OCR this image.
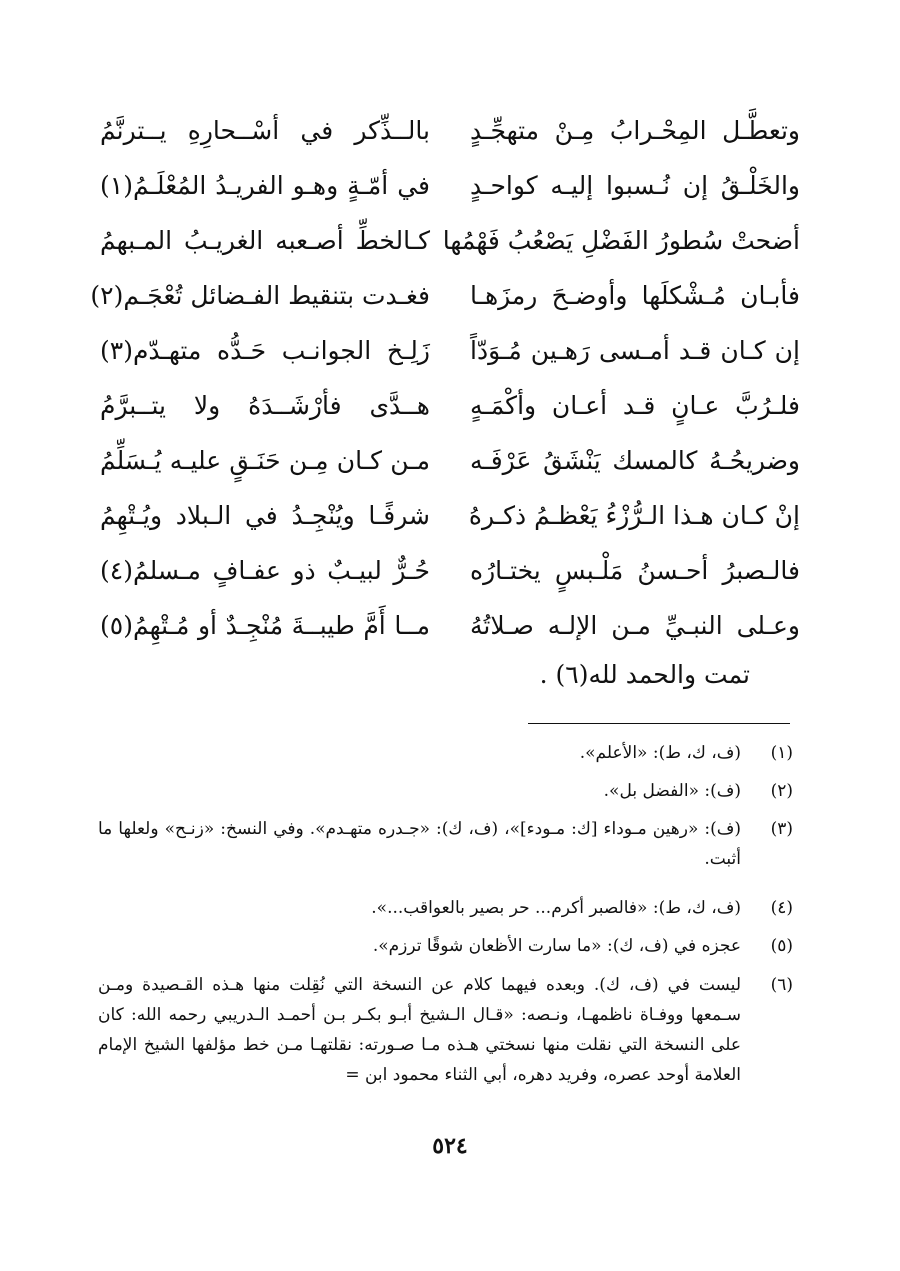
وتعطَّـل المِحْـرابُ مِـنْ متهجِّـدٍ
بالــذِّكر في أسْــحارِهِ يــترنَّمُ
والخَلْـقُ إن نُـسبوا إليـه كواحـدٍ
في أمّـةٍ وهـو الفريـدُ المُعْلَـمُ(١)
أضحتْ سُطورُ الفَضْلِ يَصْعُبُ فَهْمُها
كـالخطِّ أصـعبه الغريـبُ المـبهمُ
فأبـان مُـشْكلَها وأوضـحَ رمزَهـا
فغـدت بتنقيط الفـضائل تُعْجَـم(٢)
إن كـان قـد أمـسى رَهـين مُـوَدّاً
زَلِـخ الجوانـب حَـدُّه متهـدّم(٣)
فلـرُبَّ عـانٍ قـد أعـان وأكْمَـهٍ
هــدَّى فأرْشَــدَهُ ولا يتــبرَّمُ
وضريحُـهُ كالمسك يَنْشَقُ عَرْفَـه
مـن كـان مِـن حَنَـقٍ عليـه يُـسَلِّمُ
إنْ كـان هـذا الـرُّزْءُ يَعْظـمُ ذكـرهُ
شرفًـا ويُنْجِـدُ في الـبلاد ويُـتْهِمُ
فالـصبرُ أحـسنُ مَلْـبسٍ يختـارُه
حُـرٌّ لبيـبٌ ذو عفـافٍ مـسلمُ(٤)
وعـلى النبـيِّ مـن الإلـه صـلاتُهُ
مــا أَمَّ طيبــةَ مُنْجِـدٌ أو مُـتْهِمُ(٥)
تمت والحمد لله(٦) .
(١)
(ف، ك، ط): «الأعلم».
(٢)
(ف): «الفضل بل».
(٣)
(ف): «رهين مـوداء [ك: مـودء]»، (ف، ك): «جـدره متهـدم». وفي النسخ: «زنـح» ولعلها ما أثبت.
(٤)
(ف، ك، ط): «فالصبر أكرم... حر بصير بالعواقب...».
(٥)
عجزه في (ف، ك): «ما سارت الأظعان شوقًا ترزم».
(٦)
ليست في (ف، ك). وبعده فيهما كلام عن النسخة التي نُقِلت منها هـذه القـصيدة ومـن سـمعها ووفـاة ناظمهـا، ونـصه: «قـال الـشيخ أبـو بكـر بـن أحمـد الـدريبي رحمه الله: كان على النسخة التي نقلت منها نسختي هـذه مـا صـورته: نقلتهـا مـن خط مؤلفها الشيخ الإمام العلامة أوحد عصره، وفريد دهره، أبي الثناء محمود ابن =
٥٢٤
